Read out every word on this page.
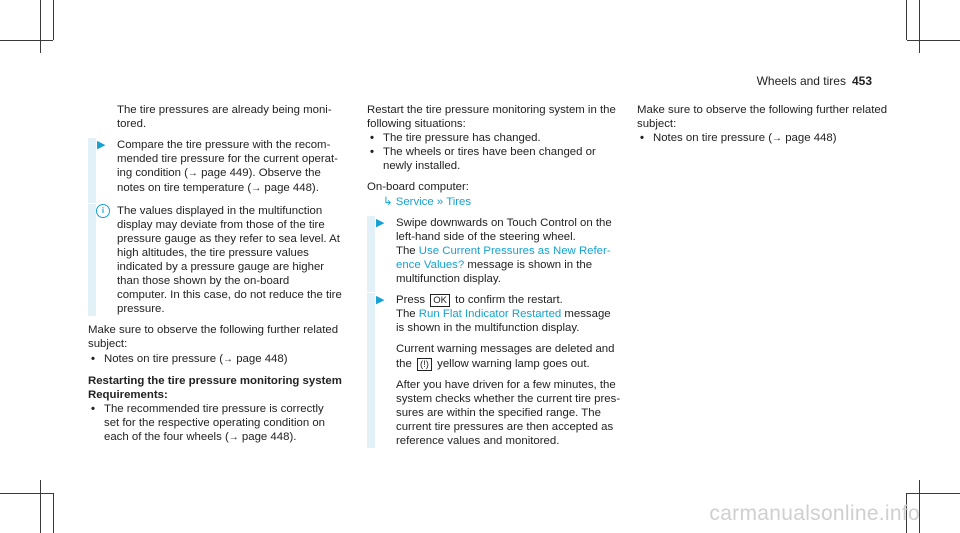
Wheels and tires 453

The tire pressures are already being monitored.

▶ Compare the tire pressure with the recommended tire pressure for the current operating condition (→ page 449). Observe the notes on tire temperature (→ page 448).

i	The values displayed in the multifunction display may deviate from those of the tire pressure gauge as they refer to sea level. At high altitudes, the tire pressure values indicated by a pressure gauge are higher than those shown by the on-board computer. In this case, do not reduce the tire pressure.

Make sure to observe the following further related subject:

• Notes on tire pressure (→ page 448)

Restarting the tire pressure monitoring system

Requirements:

• The recommended tire pressure is correctly set for the respective operating condition on each of the four wheels (→ page 448).

Restart the tire pressure monitoring system in the following situations:

• The tire pressure has changed.
• The wheels or tires have been changed or newly installed.

On-board computer:

↳ Service » Tires

▶ Swipe downwards on Touch Control on the left-hand side of the steering wheel.

The Use Current Pressures as New Reference Values? message is shown in the multifunction display.

▶ Press OK to confirm the restart.

The Run Flat Indicator Restarted message is shown in the multifunction display.

Current warning messages are deleted and the (!) yellow warning lamp goes out.

After you have driven for a few minutes, the system checks whether the current tire pressures are within the specified range. The current tire pressures are then accepted as reference values and monitored.

Make sure to observe the following further related subject:

• Notes on tire pressure (→ page 448)
carmanualsonline.info
